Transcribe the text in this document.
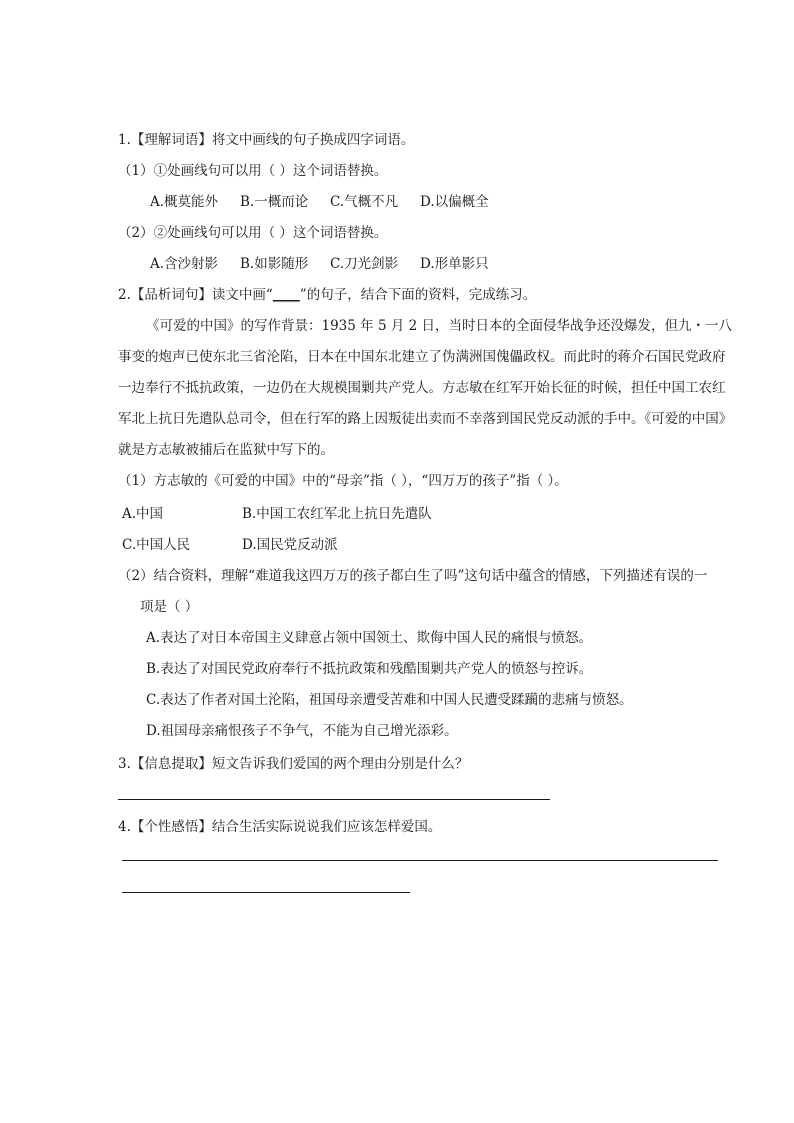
1.【理解词语】将文中画线的句子换成四字词语。
（1）①处画线句可以用（ ）这个词语替换。
A.概莫能外 B.一概而论 C.气概不凡 D.以偏概全
（2）②处画线句可以用（ ）这个词语替换。
A.含沙射影 B.如影随形 C.刀光剑影 D.形单影只
2.【品析词句】读文中画“____”的句子，结合下面的资料，完成练习。
《可爱的中国》的写作背景：1935 年 5 月 2 日，当时日本的全面侵华战争还没爆发，但九・一八
事变的炮声已使东北三省沦陷，日本在中国东北建立了伪满洲国傀儡政权。而此时的蒋介石国民党政府
一边奉行不抵抗政策，一边仍在大规模围剿共产党人。方志敏在红军开始长征的时候，担任中国工农红
军北上抗日先遣队总司令，但在行军的路上因叛徒出卖而不幸落到国民党反动派的手中。《可爱的中国》
就是方志敏被捕后在监狱中写下的。
（1）方志敏的《可爱的中国》中的“母亲”指（ ），“四万万的孩子”指（ ）。
A.中国	B.中国工农红军北上抗日先遣队
C.中国人民	D.国民党反动派
（2）结合资料，理解“难道我这四万万的孩子都白生了吗”这句话中蕴含的情感，下列描述有误的一
项是（ ）
A.表达了对日本帝国主义肆意占领中国领土、欺侮中国人民的痛恨与愤怒。
B.表达了对国民党政府奉行不抵抗政策和残酷围剿共产党人的愤怒与控诉。
C.表达了作者对国土沦陷，祖国母亲遭受苦难和中国人民遭受蹂躏的悲痛与愤怒。
D.祖国母亲痛恨孩子不争气，不能为自己增光添彩。
3.【信息提取】短文告诉我们爱国的两个理由分别是什么？
4.【个性感悟】结合生活实际说说我们应该怎样爱国。
